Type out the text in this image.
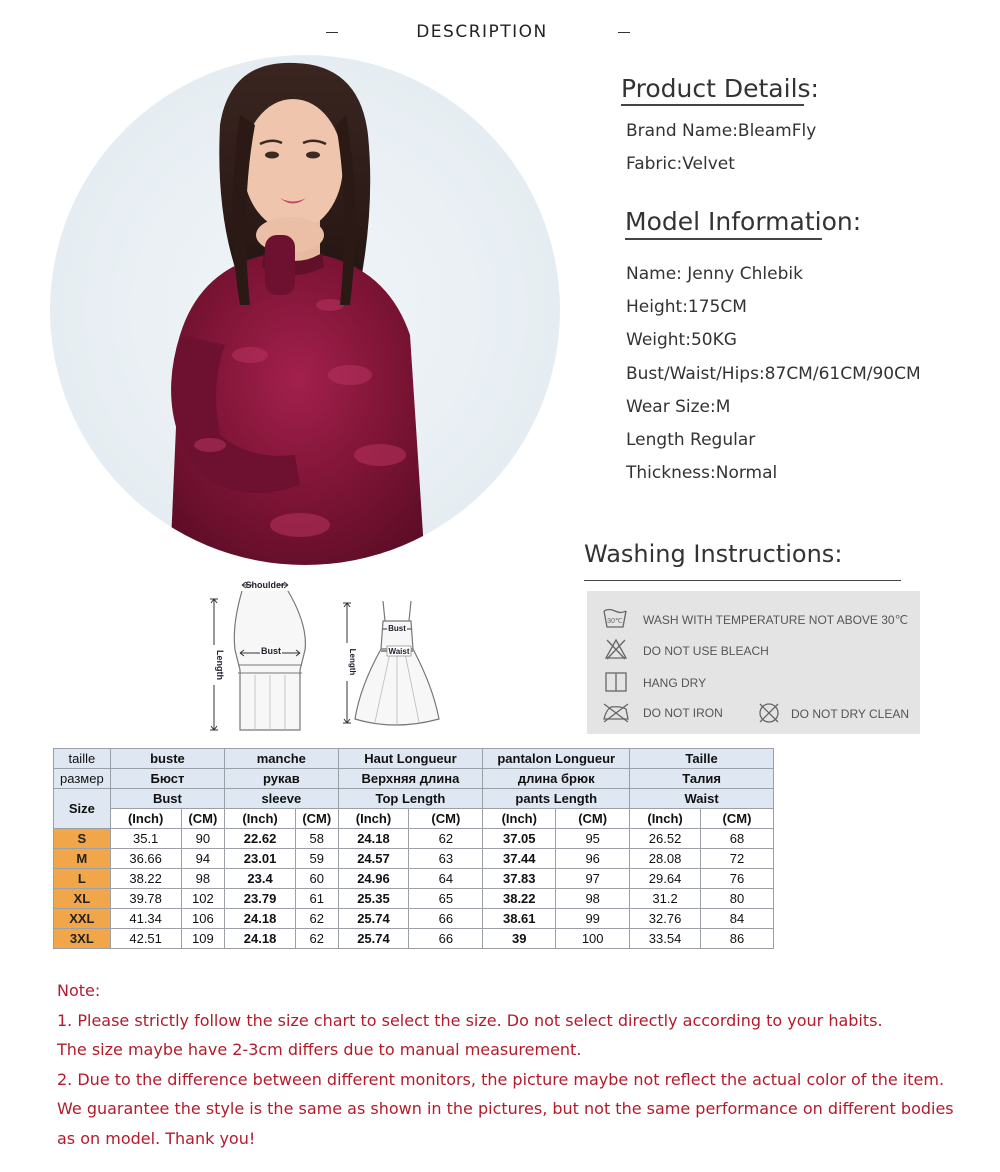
DESCRIPTION
Product Details:
Brand Name:BleamFly
Fabric:Velvet
Model Information:
Name: Jenny Chlebik
Height:175CM
Weight:50KG
Bust/Waist/Hips:87CM/61CM/90CM
Wear Size:M
Length Regular
Thickness:Normal
Washing Instructions:
30℃ WASH WITH TEMPERATURE NOT ABOVE 30℃
DO NOT USE BLEACH
HANG DRY
DO NOT IRON	DO NOT DRY CLEAN
Shoulder
Bust
Length
Bust
Waist
Length
taille	buste		manche		Haut Longueur		pantalon Longueur		Taille	
размер	Бюст		рукав		Верхняя длина		длина брюк		Талия	
Size	Bust		sleeve		Top Length		pants Length		Waist	
	(Inch)	(CM)	(Inch)	(CM)	(Inch)	(CM)	(Inch)	(CM)	(Inch)	(CM)
S	35.1	90	22.62	58	24.18	62	37.05	95	26.52	68
M	36.66	94	23.01	59	24.57	63	37.44	96	28.08	72
L	38.22	98	23.4	60	24.96	64	37.83	97	29.64	76
XL	39.78	102	23.79	61	25.35	65	38.22	98	31.2	80
XXL	41.34	106	24.18	62	25.74	66	38.61	99	32.76	84
3XL	42.51	109	24.18	62	25.74	66	39	100	33.54	86
Note:
1. Please strictly follow the size chart to select the size. Do not select directly according to your habits.
The size maybe have 2-3cm differs due to manual measurement.
2. Due to the difference between different monitors, the picture maybe not reflect the actual color of the item.
We guarantee the style is the same as shown in the pictures, but not the same performance on different bodies
as on model. Thank you!
